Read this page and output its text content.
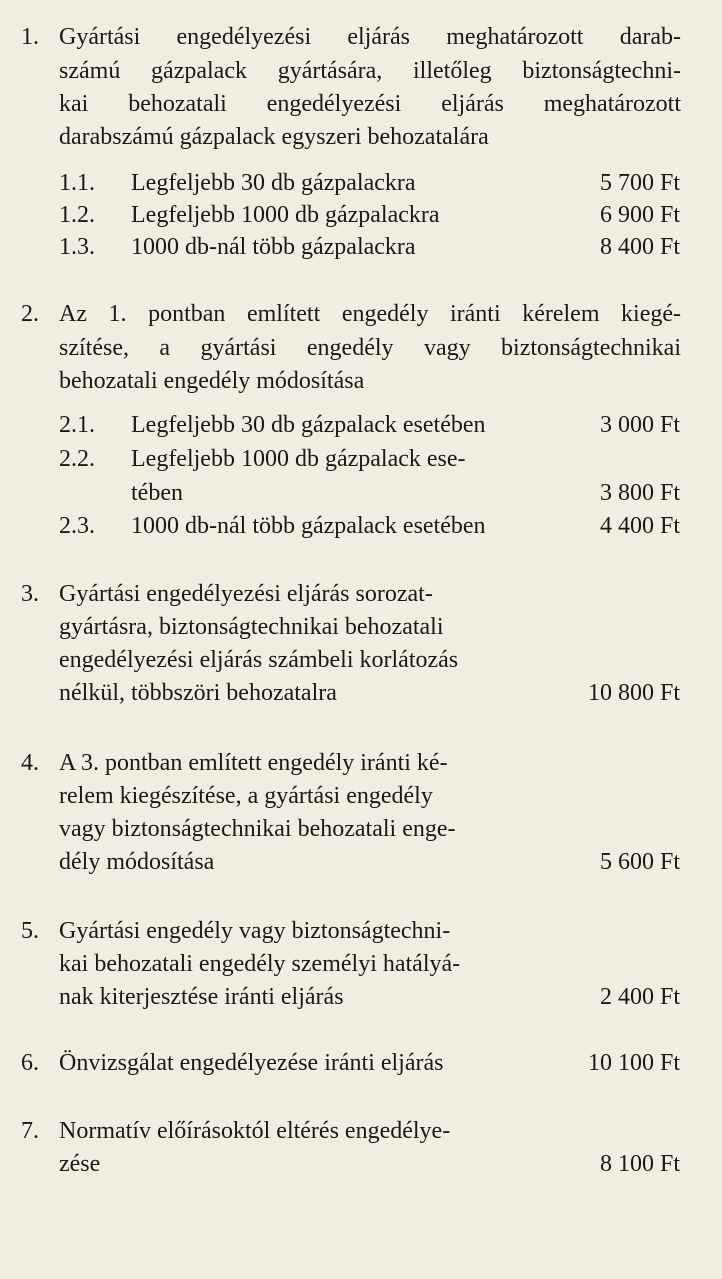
1. Gyártási engedélyezési eljárás meghatározott darab-
számú gázpalack gyártására, illetőleg biztonságtechni-
kai behozatali engedélyezési eljárás meghatározott
darabszámú gázpalack egyszeri behozatalára
1.1. Legfeljebb 30 db gázpalackra	5 700 Ft
1.2. Legfeljebb 1000 db gázpalackra	6 900 Ft
1.3. 1000 db-nál több gázpalackra	8 400 Ft
2. Az 1. pontban említett engedély iránti kérelem kiegé-
szítése, a gyártási engedély vagy biztonságtechnikai
behozatali engedély módosítása
2.1. Legfeljebb 30 db gázpalack esetében	3 000 Ft
2.2. Legfeljebb 1000 db gázpalack ese-
tében	3 800 Ft
2.3. 1000 db-nál több gázpalack esetében	4 400 Ft
3. Gyártási engedélyezési eljárás sorozat-
gyártásra, biztonságtechnikai behozatali
engedélyezési eljárás számbeli korlátozás
nélkül, többszöri behozatalra	10 800 Ft
4. A 3. pontban említett engedély iránti ké-
relem kiegészítése, a gyártási engedély
vagy biztonságtechnikai behozatali enge-
dély módosítása	5 600 Ft
5. Gyártási engedély vagy biztonságtechni-
kai behozatali engedély személyi hatályá-
nak kiterjesztése iránti eljárás	2 400 Ft
6. Önvizsgálat engedélyezése iránti eljárás	10 100 Ft
7. Normatív előírásoktól eltérés engedélye-
zése	8 100 Ft
